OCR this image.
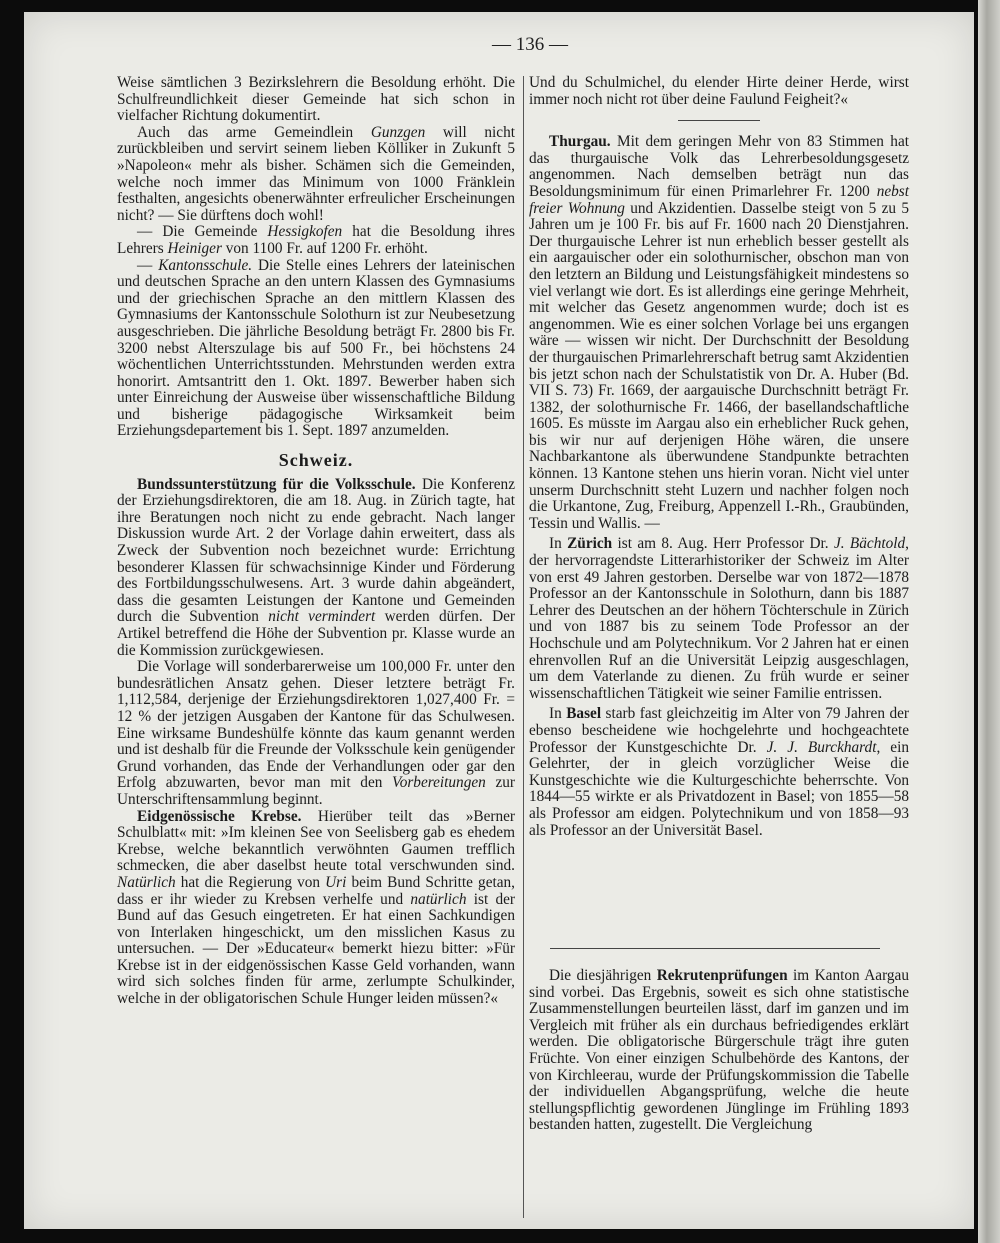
— 136 —

Weise sämtlichen 3 Bezirkslehrern die Besoldung erhöht. Die Schulfreundlichkeit dieser Gemeinde hat sich schon in vielfacher Richtung dokumentirt.

Auch das arme Gemeindlein Gunzgen will nicht zurückbleiben und servirt seinem lieben Kölliker in Zukunft 5 »Napoleon« mehr als bisher. Schämen sich die Gemeinden, welche noch immer das Minimum von 1000 Fränklein festhalten, angesichts obenerwähnter erfreulicher Erscheinungen nicht? — Sie dürftens doch wohl!

— Die Gemeinde Hessigkofen hat die Besoldung ihres Lehrers Heiniger von 1100 Fr. auf 1200 Fr. erhöht.

— Kantonsschule. Die Stelle eines Lehrers der lateinischen und deutschen Sprache an den untern Klassen des Gymnasiums und der griechischen Sprache an den mittlern Klassen des Gymnasiums der Kantonsschule Solothurn ist zur Neubesetzung ausgeschrieben. Die jährliche Besoldung beträgt Fr. 2800 bis Fr. 3200 nebst Alterszulage bis auf 500 Fr., bei höchstens 24 wöchentlichen Unterrichtsstunden. Mehrstunden werden extra honorirt. Amtsantritt den 1. Okt. 1897. Bewerber haben sich unter Einreichung der Ausweise über wissenschaftliche Bildung und bisherige pädagogische Wirksamkeit beim Erziehungsdepartement bis 1. Sept. 1897 anzumelden.

Schweiz.

Bundssunterstützung für die Volksschule. Die Konferenz der Erziehungsdirektoren, die am 18. Aug. in Zürich tagte, hat ihre Beratungen noch nicht zu ende gebracht. Nach langer Diskussion wurde Art. 2 der Vorlage dahin erweitert, dass als Zweck der Subvention noch bezeichnet wurde: Errichtung besonderer Klassen für schwachsinnige Kinder und Förderung des Fortbildungsschulwesens. Art. 3 wurde dahin abgeändert, dass die gesamten Leistungen der Kantone und Gemeinden durch die Subvention nicht vermindert werden dürfen. Der Artikel betreffend die Höhe der Subvention pr. Klasse wurde an die Kommission zurückgewiesen.

Die Vorlage will sonderbarerweise um 100,000 Fr. unter den bundesrätlichen Ansatz gehen. Dieser letztere beträgt Fr. 1,112,584, derjenige der Erziehungsdirektoren 1,027,400 Fr. = 12 % der jetzigen Ausgaben der Kantone für das Schulwesen. Eine wirksame Bundeshülfe könnte das kaum genannt werden und ist deshalb für die Freunde der Volksschule kein genügender Grund vorhanden, das Ende der Verhandlungen oder gar den Erfolg abzuwarten, bevor man mit den Vorbereitungen zur Unterschriftensammlung beginnt.

Eidgenössische Krebse. Hierüber teilt das »Berner Schulblatt« mit: »Im kleinen See von Seelisberg gab es ehedem Krebse, welche bekanntlich verwöhnten Gaumen trefflich schmecken, die aber daselbst heute total verschwunden sind. Natürlich hat die Regierung von Uri beim Bund Schritte getan, dass er ihr wieder zu Krebsen verhelfe und natürlich ist der Bund auf das Gesuch eingetreten. Er hat einen Sachkundigen von Interlaken hingeschickt, um den misslichen Kasus zu untersuchen. — Der »Educateur« bemerkt hiezu bitter: »Für Krebse ist in der eidgenössischen Kasse Geld vorhanden, wann wird sich solches finden für arme, zerlumpte Schulkinder, welche in der obligatorischen Schule Hunger leiden müssen?«

Und du Schulmichel, du elender Hirte deiner Herde, wirst immer noch nicht rot über deine Faulund Feigheit?«

Thurgau. Mit dem geringen Mehr von 83 Stimmen hat das thurgauische Volk das Lehrerbesoldungsgesetz angenommen. Nach demselben beträgt nun das Besoldungsminimum für einen Primarlehrer Fr. 1200 nebst freier Wohnung und Akzidentien. Dasselbe steigt von 5 zu 5 Jahren um je 100 Fr. bis auf Fr. 1600 nach 20 Dienstjahren. Der thurgauische Lehrer ist nun erheblich besser gestellt als ein aargauischer oder ein solothurnischer, obschon man von den letztern an Bildung und Leistungsfähigkeit mindestens so viel verlangt wie dort. Es ist allerdings eine geringe Mehrheit, mit welcher das Gesetz angenommen wurde; doch ist es angenommen. Wie es einer solchen Vorlage bei uns ergangen wäre — wissen wir nicht. Der Durchschnitt der Besoldung der thurgauischen Primarlehrerschaft betrug samt Akzidentien bis jetzt schon nach der Schulstatistik von Dr. A. Huber (Bd. VII S. 73) Fr. 1669, der aargauische Durchschnitt beträgt Fr. 1382, der solothurnische Fr. 1466, der basellandschaftliche 1605. Es müsste im Aargau also ein erheblicher Ruck gehen, bis wir nur auf derjenigen Höhe wären, die unsere Nachbarkantone als überwundene Standpunkte betrachten können. 13 Kantone stehen uns hierin voran. Nicht viel unter unserm Durchschnitt steht Luzern und nachher folgen noch die Urkantone, Zug, Freiburg, Appenzell I.-Rh., Graubünden, Tessin und Wallis. —

In Zürich ist am 8. Aug. Herr Professor Dr. J. Bächtold, der hervorragendste Litterarhistoriker der Schweiz im Alter von erst 49 Jahren gestorben. Derselbe war von 1872—1878 Professor an der Kantonsschule in Solothurn, dann bis 1887 Lehrer des Deutschen an der höhern Töchterschule in Zürich und von 1887 bis zu seinem Tode Professor an der Hochschule und am Polytechnikum. Vor 2 Jahren hat er einen ehrenvollen Ruf an die Universität Leipzig ausgeschlagen, um dem Vaterlande zu dienen. Zu früh wurde er seiner wissenschaftlichen Tätigkeit wie seiner Familie entrissen.

In Basel starb fast gleichzeitig im Alter von 79 Jahren der ebenso bescheidene wie hochgelehrte und hochgeachtete Professor der Kunstgeschichte Dr. J. J. Burckhardt, ein Gelehrter, der in gleich vorzüglicher Weise die Kunstgeschichte wie die Kulturgeschichte beherrschte. Von 1844—55 wirkte er als Privatdozent in Basel; von 1855—58 als Professor am eidgen. Polytechnikum und von 1858—93 als Professor an der Universität Basel.

Die diesjährigen Rekrutenprüfungen im Kanton Aargau sind vorbei. Das Ergebnis, soweit es sich ohne statistische Zusammenstellungen beurteilen lässt, darf im ganzen und im Vergleich mit früher als ein durchaus befriedigendes erklärt werden. Die obligatorische Bürgerschule trägt ihre guten Früchte. Von einer einzigen Schulbehörde des Kantons, der von Kirchleerau, wurde der Prüfungskommission die Tabelle der individuellen Abgangsprüfung, welche die heute stellungspflichtig gewordenen Jünglinge im Frühling 1893 bestanden hatten, zugestellt. Die Vergleichung
